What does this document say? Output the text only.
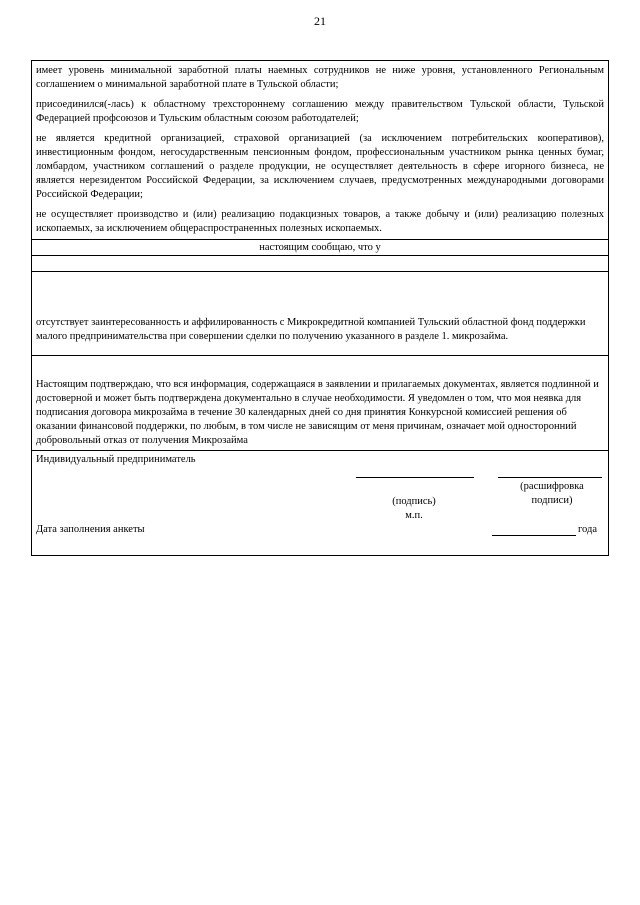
21

имеет уровень минимальной заработной платы наемных сотрудников не ниже уровня, установленного Региональным соглашением о минимальной заработной плате в Тульской области;

присоединился(-лась) к областному трехстороннему соглашению между правительством Тульской области, Тульской Федерацией профсоюзов и Тульским областным союзом работодателей;

не является кредитной организацией, страховой организацией (за исключением потребительских кооперативов), инвестиционным фондом, негосударственным пенсионным фондом, профессиональным участником рынка ценных бумаг, ломбардом, участником соглашений о разделе продукции, не осуществляет деятельность в сфере игорного бизнеса, не является нерезидентом Российской Федерации, за исключением случаев, предусмотренных международными договорами Российской Федерации;

не осуществляет производство и (или) реализацию подакцизных товаров, а также добычу и (или) реализацию полезных ископаемых, за исключением общераспространенных полезных ископаемых.

настоящим сообщаю, что у

отсутствует заинтересованность и аффилированность с Микрокредитной компанией Тульский областной фонд поддержки малого предпринимательства при совершении сделки по получению указанного в разделе 1. микрозайма.

Настоящим подтверждаю, что вся информация, содержащаяся в заявлении и прилагаемых документах, является подлинной и достоверной и может быть подтверждена документально в случае необходимости. Я уведомлен о том, что моя неявка для подписания договора микрозайма в течение 30 календарных дней со дня принятия Конкурсной комиссией решения об оказании финансовой поддержки, по любым, в том числе не зависящим от меня причинам, означает мой односторонний добровольный отказ от получения Микрозайма

Индивидуальный предприниматель
(подпись)
м.п.
(расшифровка подписи)
Дата заполнения анкеты	года
